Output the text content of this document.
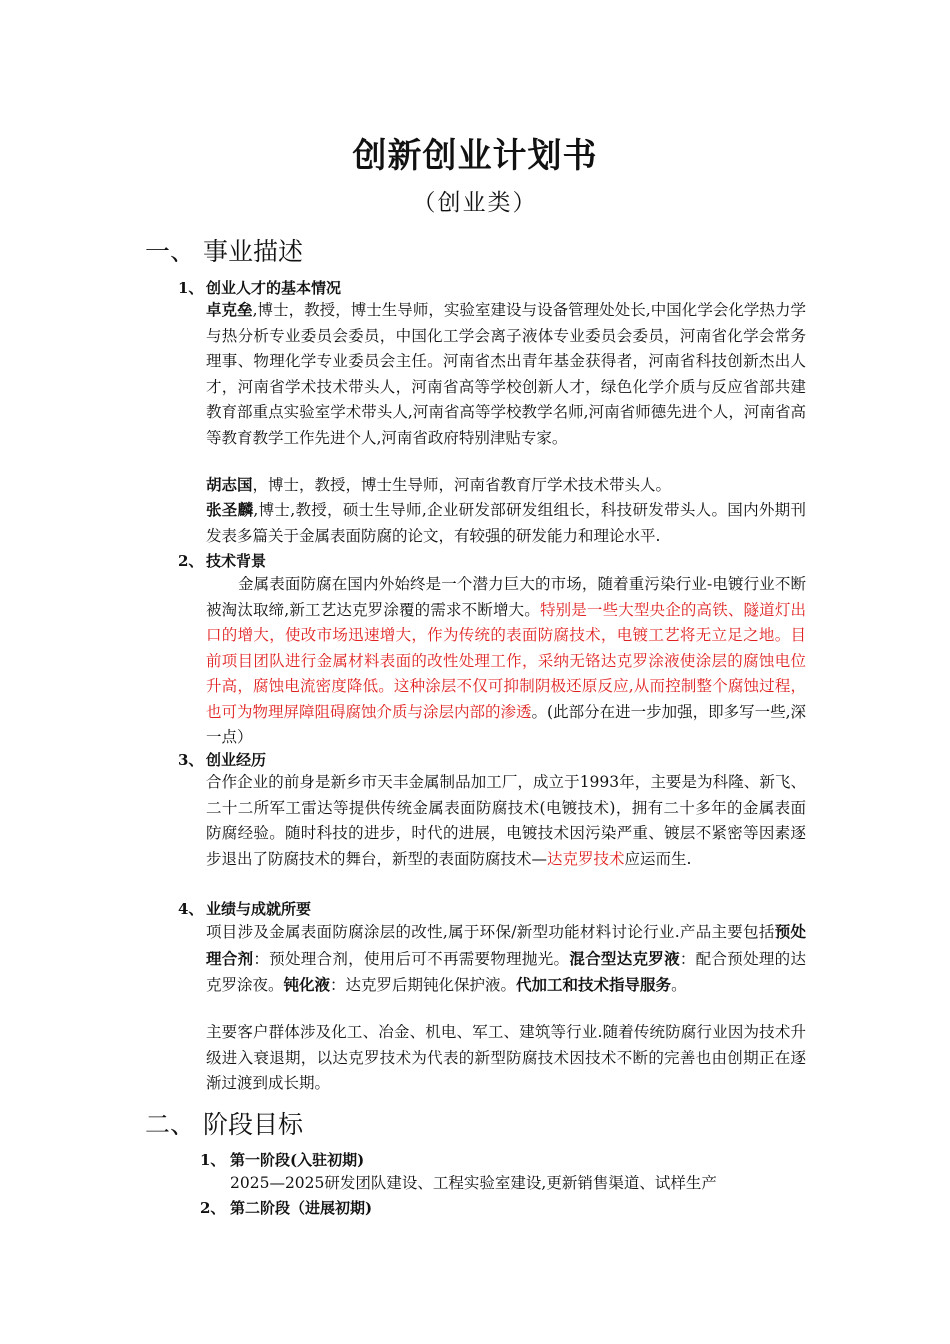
创新创业计划书
（创业类）
一、 事业描述
1、 创业人才的基本情况
卓克垒,博士，教授，博士生导师，实验室建设与设备管理处处长,中国化学会化学热力学与热分析专业委员会委员，中国化工学会离子液体专业委员会委员，河南省化学会常务理事、物理化学专业委员会主任。河南省杰出青年基金获得者，河南省科技创新杰出人才，河南省学术技术带头人，河南省高等学校创新人才，绿色化学介质与反应省部共建教育部重点实验室学术带头人,河南省高等学校教学名师,河南省师德先进个人，河南省高等教育教学工作先进个人,河南省政府特别津贴专家。
胡志国，博士，教授，博士生导师，河南省教育厅学术技术带头人。
张圣麟,博士,教授，硕士生导师,企业研发部研发组组长，科技研发带头人。国内外期刊发表多篇关于金属表面防腐的论文，有较强的研发能力和理论水平.
2、 技术背景
金属表面防腐在国内外始终是一个潜力巨大的市场，随着重污染行业-电镀行业不断被淘汰取缔,新工艺达克罗涂覆的需求不断增大。特别是一些大型央企的高铁、隧道灯出口的增大，使改市场迅速增大，作为传统的表面防腐技术，电镀工艺将无立足之地。目前项目团队进行金属材料表面的改性处理工作，采纳无铬达克罗涂液使涂层的腐蚀电位升高，腐蚀电流密度降低。这种涂层不仅可抑制阴极还原反应,从而控制整个腐蚀过程，也可为物理屏障阻碍腐蚀介质与涂层内部的渗透。(此部分在进一步加强，即多写一些,深一点）
3、 创业经历
合作企业的前身是新乡市天丰金属制品加工厂，成立于1993年，主要是为科隆、新飞、二十二所军工雷达等提供传统金属表面防腐技术(电镀技术)，拥有二十多年的金属表面防腐经验。随时科技的进步，时代的进展，电镀技术因污染严重、镀层不紧密等因素逐步退出了防腐技术的舞台，新型的表面防腐技术—达克罗技术应运而生.
4、 业绩与成就所要
项目涉及金属表面防腐涂层的改性,属于环保/新型功能材料讨论行业.产品主要包括预处理合剂：预处理合剂，使用后可不再需要物理抛光。混合型达克罗液：配合预处理的达克罗涂夜。钝化液：达克罗后期钝化保护液。代加工和技术指导服务。
主要客户群体涉及化工、冶金、机电、军工、建筑等行业.随着传统防腐行业因为技术升级进入衰退期，以达克罗技术为代表的新型防腐技术因技术不断的完善也由创期正在逐渐过渡到成长期。
二、 阶段目标
1、 第一阶段(入驻初期)
2025—2025研发团队建设、工程实验室建设,更新销售渠道、试样生产
2、 第二阶段（进展初期)
